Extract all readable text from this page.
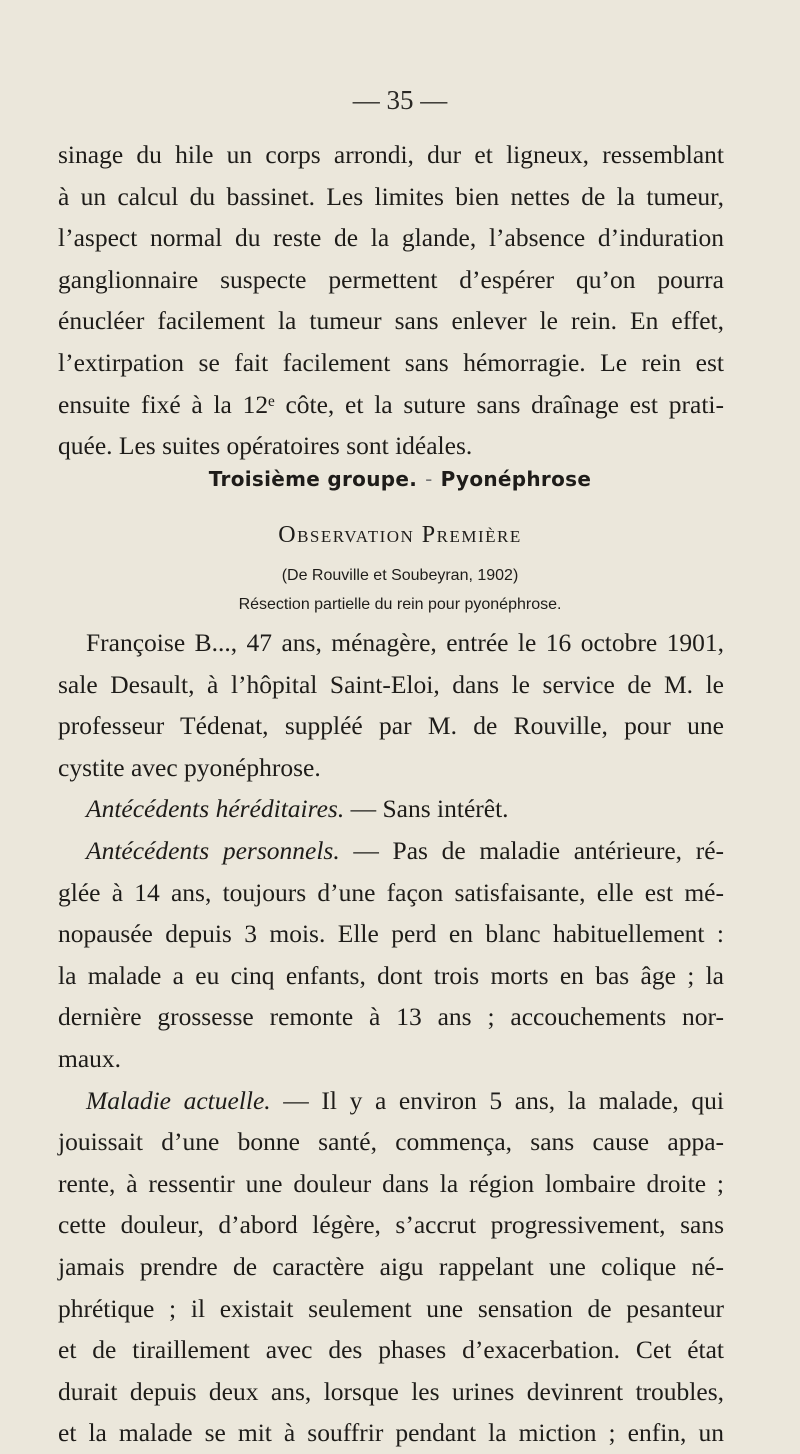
— 35 —
sinage du hile un corps arrondi, dur et ligneux, ressemblant
à un calcul du bassinet. Les limites bien nettes de la tumeur,
l’aspect normal du reste de la glande, l’absence d’induration
ganglionnaire suspecte permettent d’espérer qu’on pourra
énucléer facilement la tumeur sans enlever le rein. En effet,
l’extirpation se fait facilement sans hémorragie. Le rein est
ensuite fixé à la 12ᵉ côte, et la suture sans draînage est prati-
quée. Les suites opératoires sont idéales.
Troisième groupe. - Pyonéphrose
Observation Première
(De Rouville et Soubeyran, 1902)
Résection partielle du rein pour pyonéphrose.
Françoise B..., 47 ans, ménagère, entrée le 16 octobre 1901,
sale Desault, à l’hôpital Saint-Eloi, dans le service de M. le
professeur Tédenat, suppléé par M. de Rouville, pour une
cystite avec pyonéphrose.
Antécédents héréditaires. — Sans intérêt.
Antécédents personnels. — Pas de maladie antérieure, ré-
glée à 14 ans, toujours d’une façon satisfaisante, elle est mé-
nopausée depuis 3 mois. Elle perd en blanc habituellement :
la malade a eu cinq enfants, dont trois morts en bas âge ; la
dernière grossesse remonte à 13 ans ; accouchements nor-
maux.
Maladie actuelle. — Il y a environ 5 ans, la malade, qui
jouissait d’une bonne santé, commença, sans cause appa-
rente, à ressentir une douleur dans la région lombaire droite ;
cette douleur, d’abord légère, s’accrut progressivement, sans
jamais prendre de caractère aigu rappelant une colique né-
phrétique ; il existait seulement une sensation de pesanteur
et de tiraillement avec des phases d’exacerbation. Cet état
durait depuis deux ans, lorsque les urines devinrent troubles,
et la malade se mit à souffrir pendant la miction ; enfin, un
